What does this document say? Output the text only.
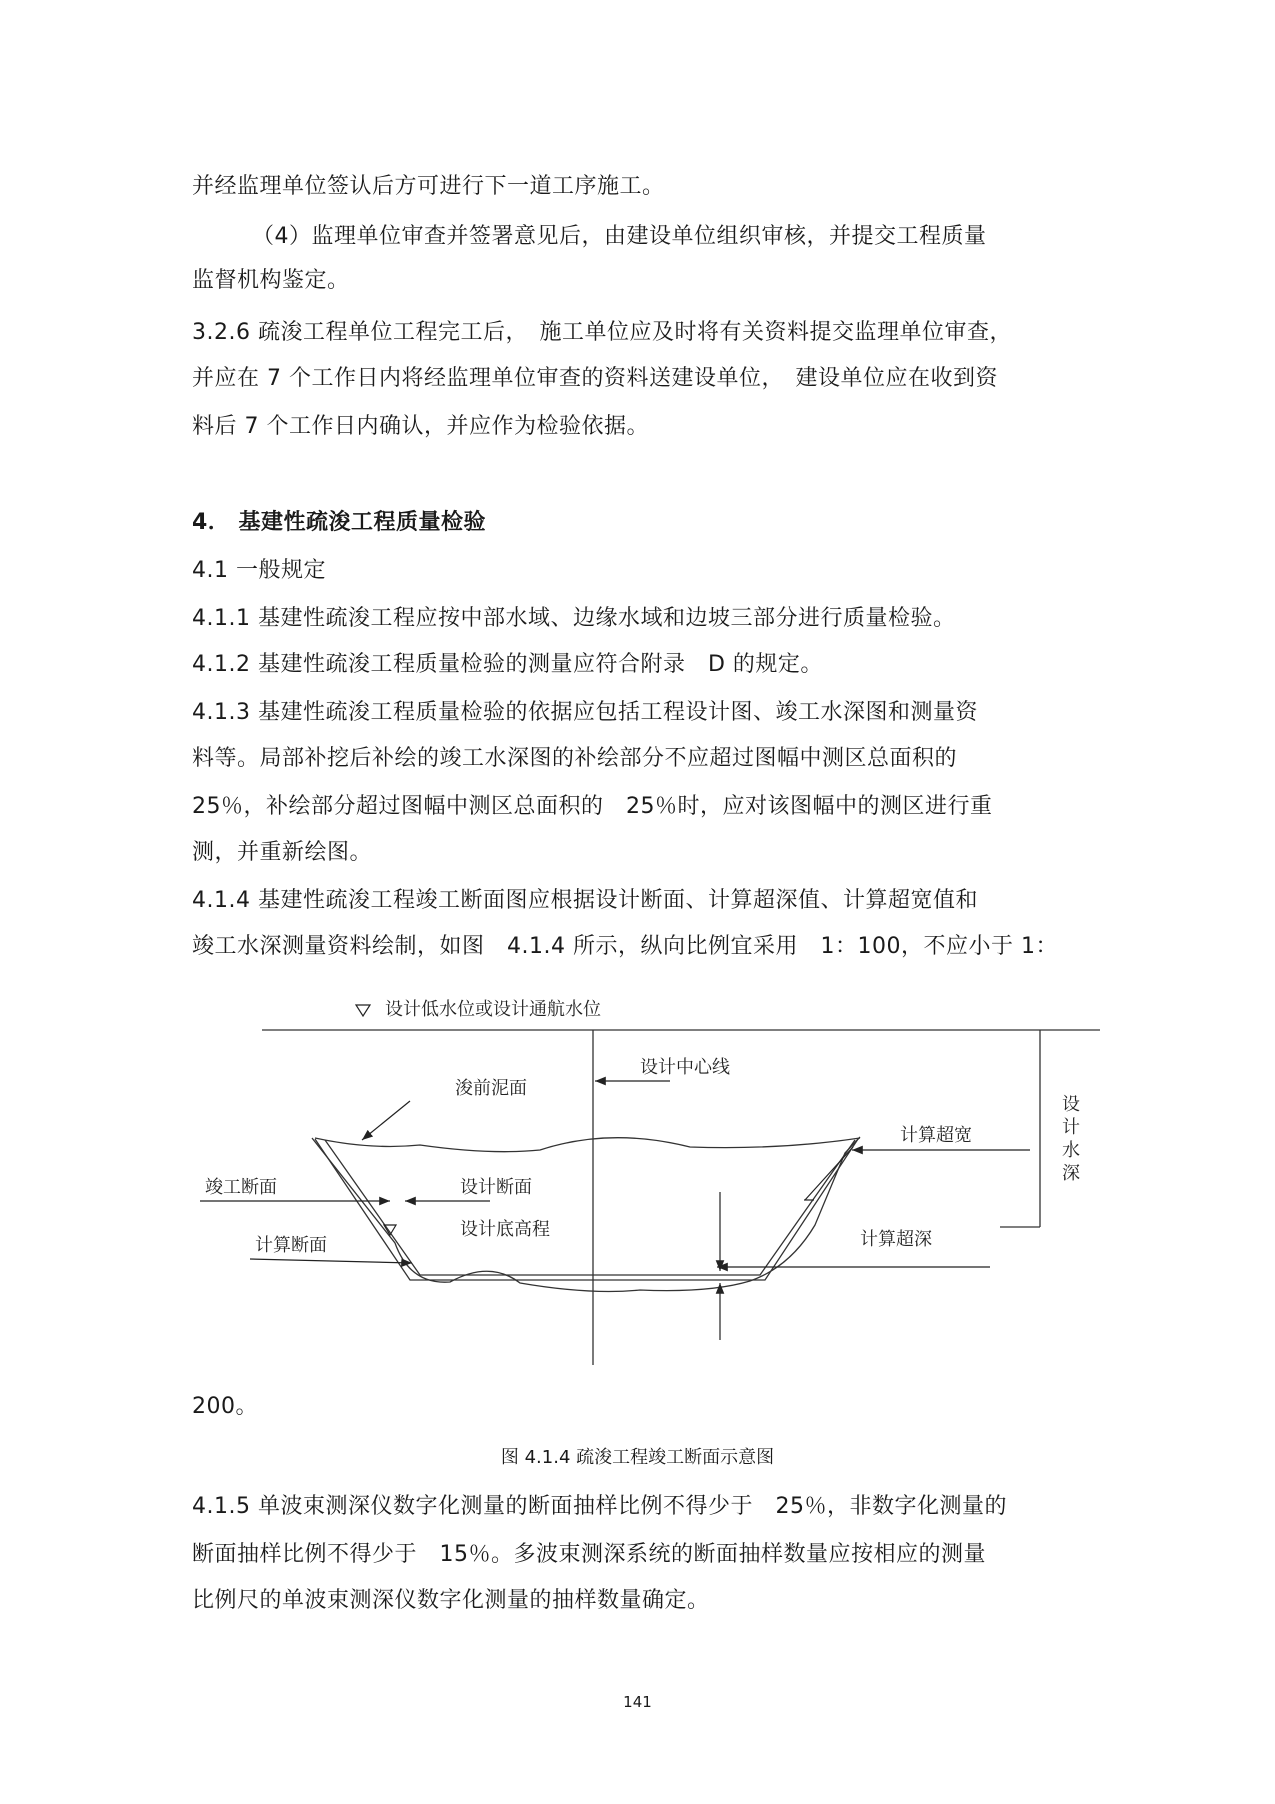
并经监理单位签认后方可进行下一道工序施工。

（4）监理单位审查并签署意见后，由建设单位组织审核，并提交工程质量

监督机构鉴定。

3.2.6 疏浚工程单位工程完工后，　施工单位应及时将有关资料提交监理单位审查，

并应在 7 个工作日内将经监理单位审查的资料送建设单位，　建设单位应在收到资

料后 7 个工作日内确认，并应作为检验依据。

4． 基建性疏浚工程质量检验

4.1 一般规定

4.1.1 基建性疏浚工程应按中部水域、边缘水域和边坡三部分进行质量检验。

4.1.2 基建性疏浚工程质量检验的测量应符合附录　D 的规定。

4.1.3 基建性疏浚工程质量检验的依据应包括工程设计图、竣工水深图和测量资

料等。局部补挖后补绘的竣工水深图的补绘部分不应超过图幅中测区总面积的

25％，补绘部分超过图幅中测区总面积的　25％时，应对该图幅中的测区进行重

测，并重新绘图。

4.1.4 基建性疏浚工程竣工断面图应根据设计断面、计算超深值、计算超宽值和

竣工水深测量资料绘制，如图　4.1.4 所示，纵向比例宜采用　1：100，不应小于 1：

设计低水位或设计通航水位
设计中心线
浚前泥面
设
计
水
深
计算超宽
竣工断面	设计断面
设计底高程
计算断面	计算超深

200。

图 4.1.4 疏浚工程竣工断面示意图

4.1.5 单波束测深仪数字化测量的断面抽样比例不得少于　25％，非数字化测量的

断面抽样比例不得少于　15％。多波束测深系统的断面抽样数量应按相应的测量

比例尺的单波束测深仪数字化测量的抽样数量确定。

141
